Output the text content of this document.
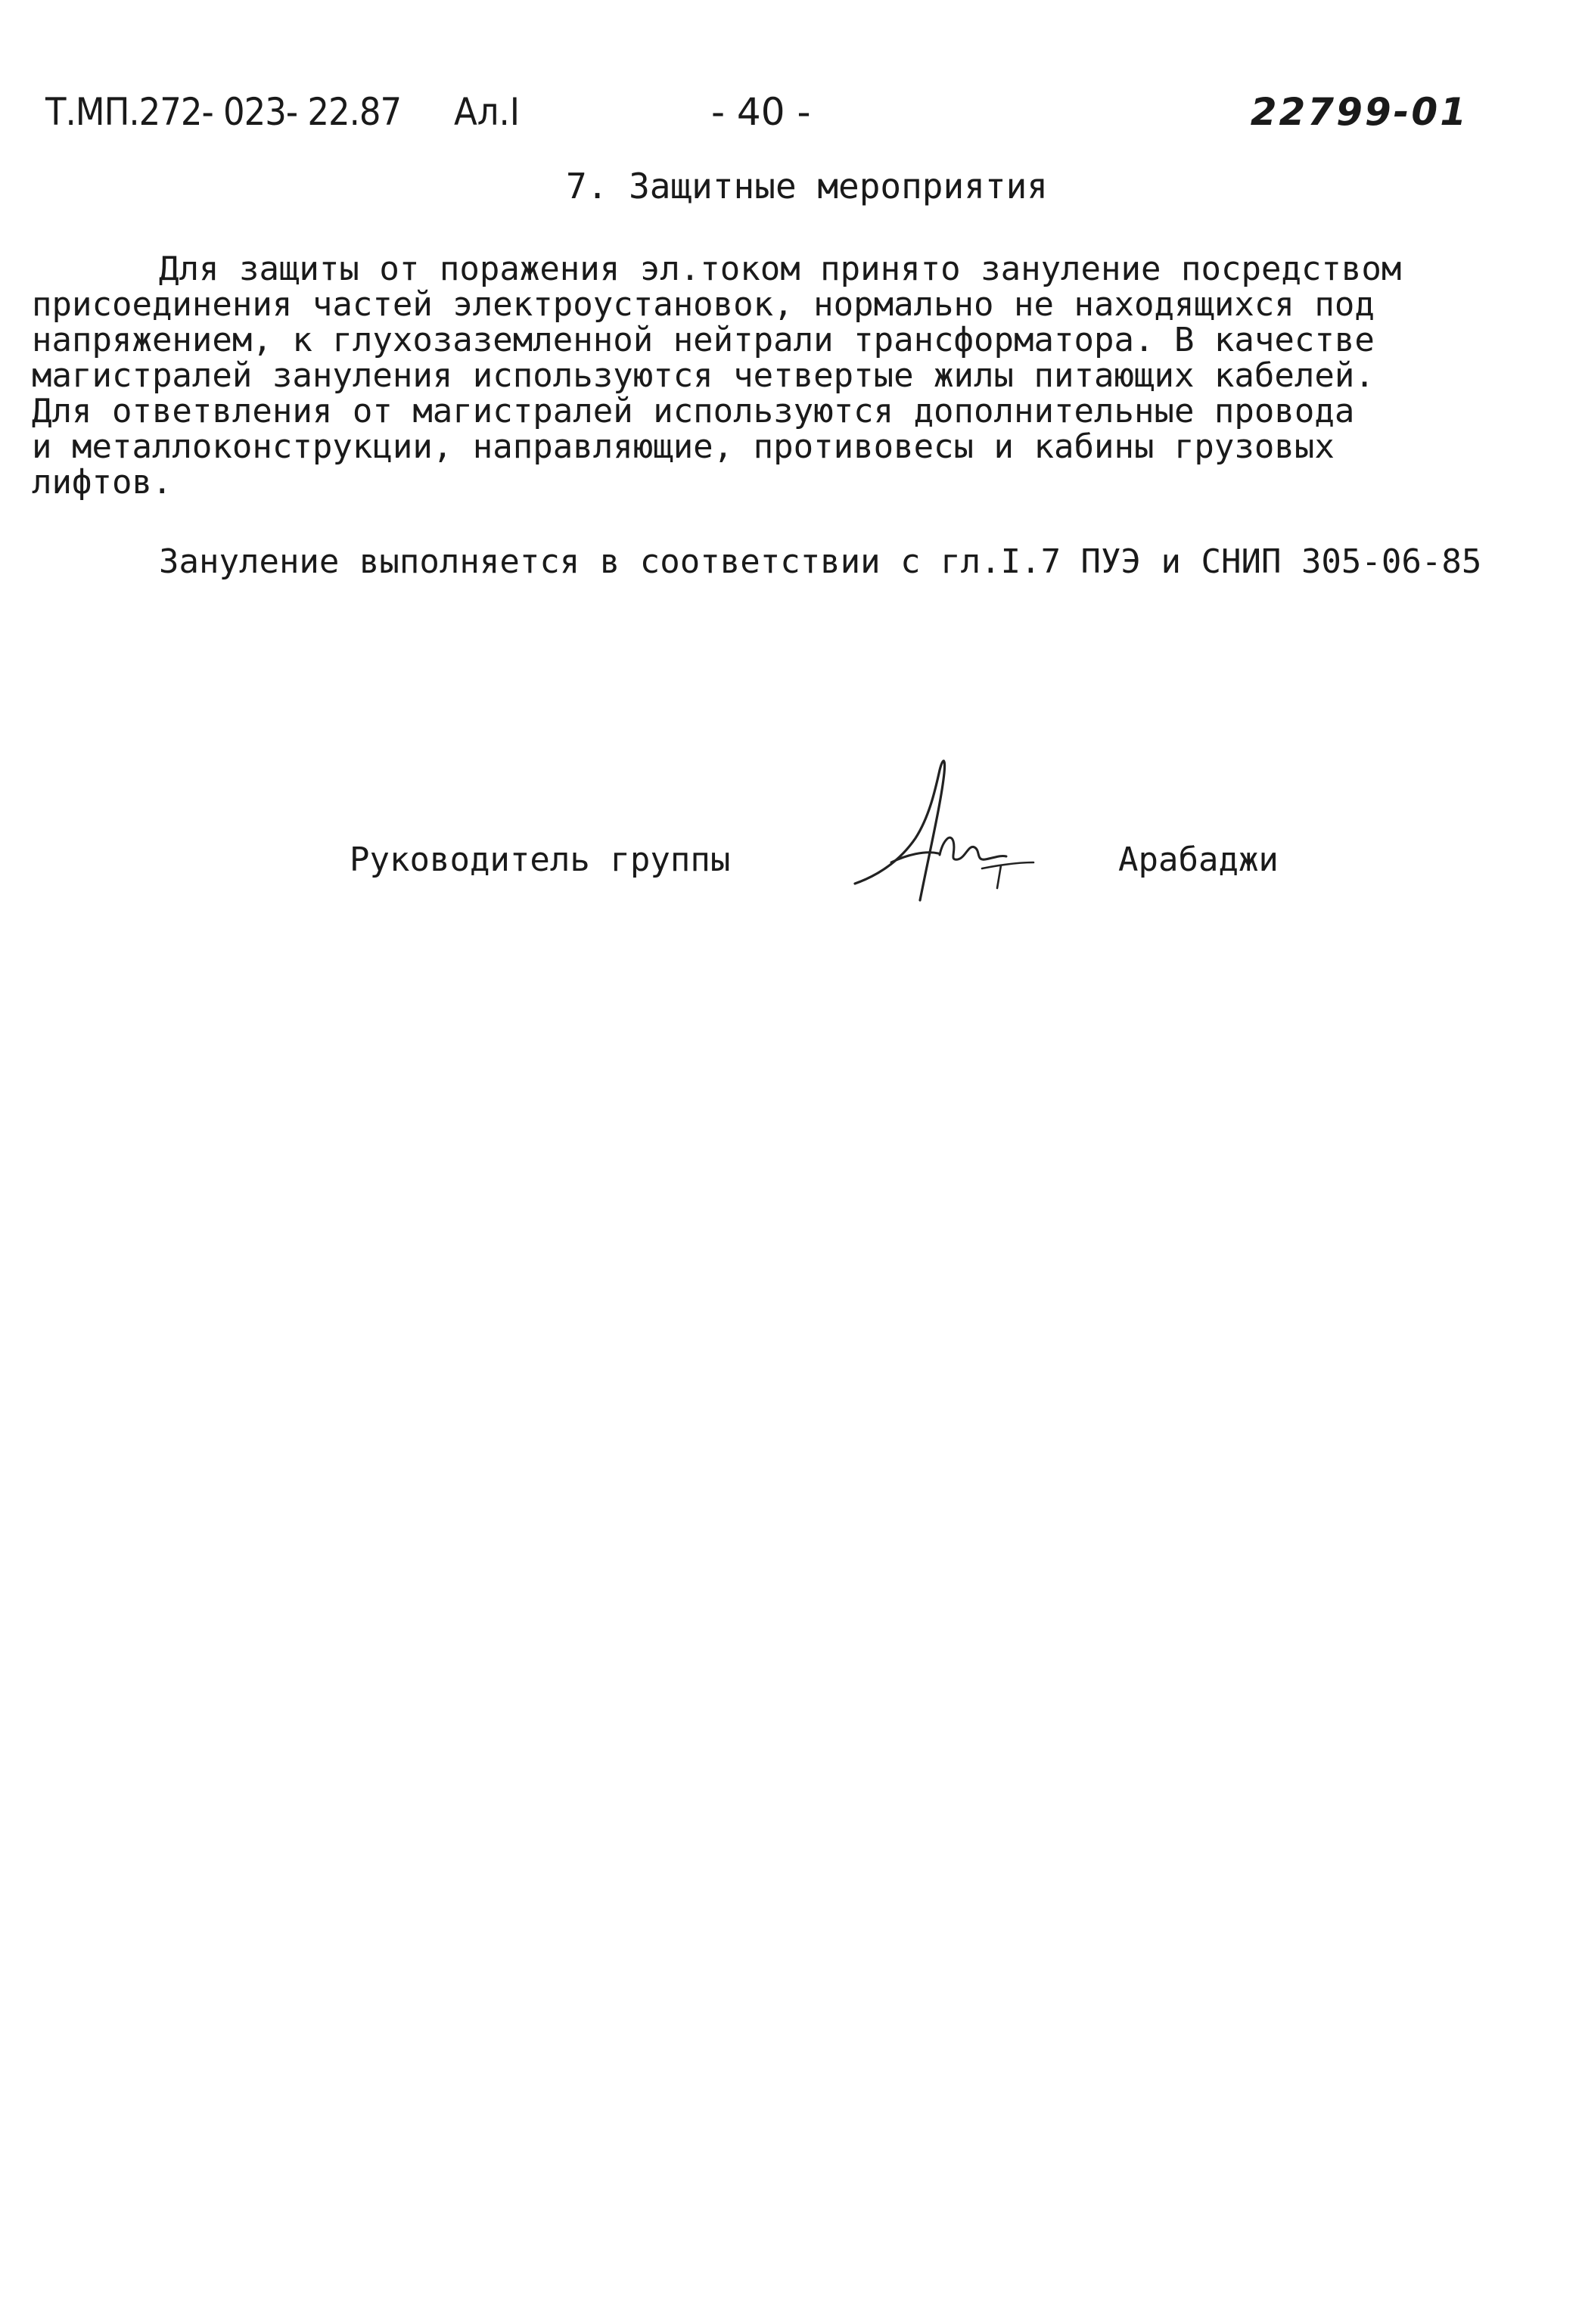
Т.МП.272- 023- 22.87 Ал.I	- 40 -	22799-01
7. Защитные мероприятия
Для защиты от поражения эл.током принято зануление посредством
присоединения частей электроустановок, нормально не находящихся под
напряжением, к глухозаземленной нейтрали трансформатора. В качестве
магистралей зануления используются четвертые жилы питающих кабелей.
Для ответвления от магистралей используются дополнительные провода
и металлоконструкции, направляющие, противовесы и кабины грузовых
лифтов.
Зануление выполняется в соответствии с гл.I.7 ПУЭ и СНИП 305-06-85
Руководитель группы	Арабаджи
